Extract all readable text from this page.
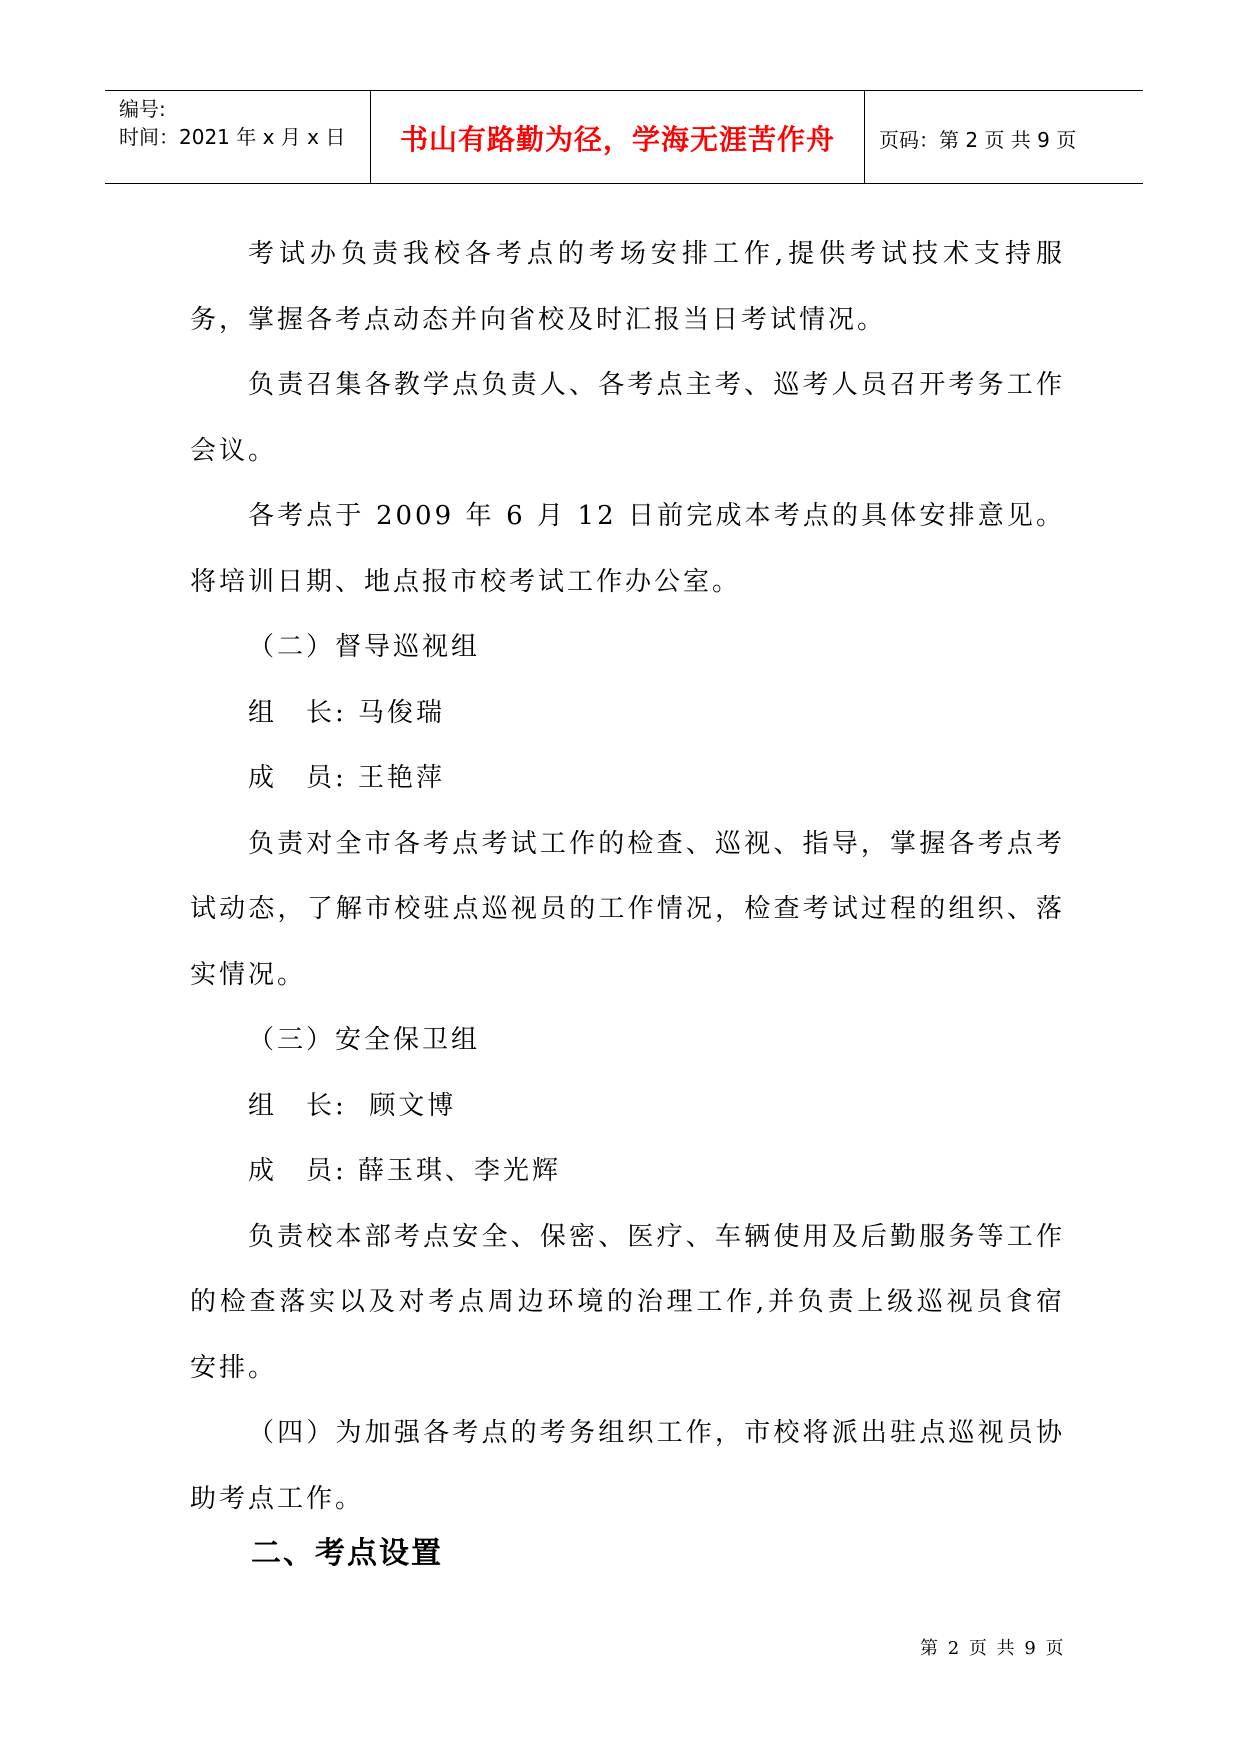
编号:
时间：2021 年 x 月 x 日 书山有路勤为径，学海无涯苦作舟 页码：第 2 页 共 9 页

考试办负责我校各考点的考场安排工作,提供考试技术支持服务，掌握各考点动态并向省校及时汇报当日考试情况。

负责召集各教学点负责人、各考点主考、巡考人员召开考务工作会议。

各考点于 2009 年 6 月 12 日前完成本考点的具体安排意见。将培训日期、地点报市校考试工作办公室。

（二）督导巡视组

组　长: 马俊瑞

成　员: 王艳萍

负责对全市各考点考试工作的检查、巡视、指导，掌握各考点考试动态，了解市校驻点巡视员的工作情况，检查考试过程的组织、落实情况。

（三）安全保卫组

组　长:  顾文博

成　员: 薛玉琪、李光辉

负责校本部考点安全、保密、医疗、车辆使用及后勤服务等工作的检查落实以及对考点周边环境的治理工作,并负责上级巡视员食宿安排。

（四）为加强各考点的考务组织工作，市校将派出驻点巡视员协助考点工作。

二、考点设置
第 2 页 共 9 页
